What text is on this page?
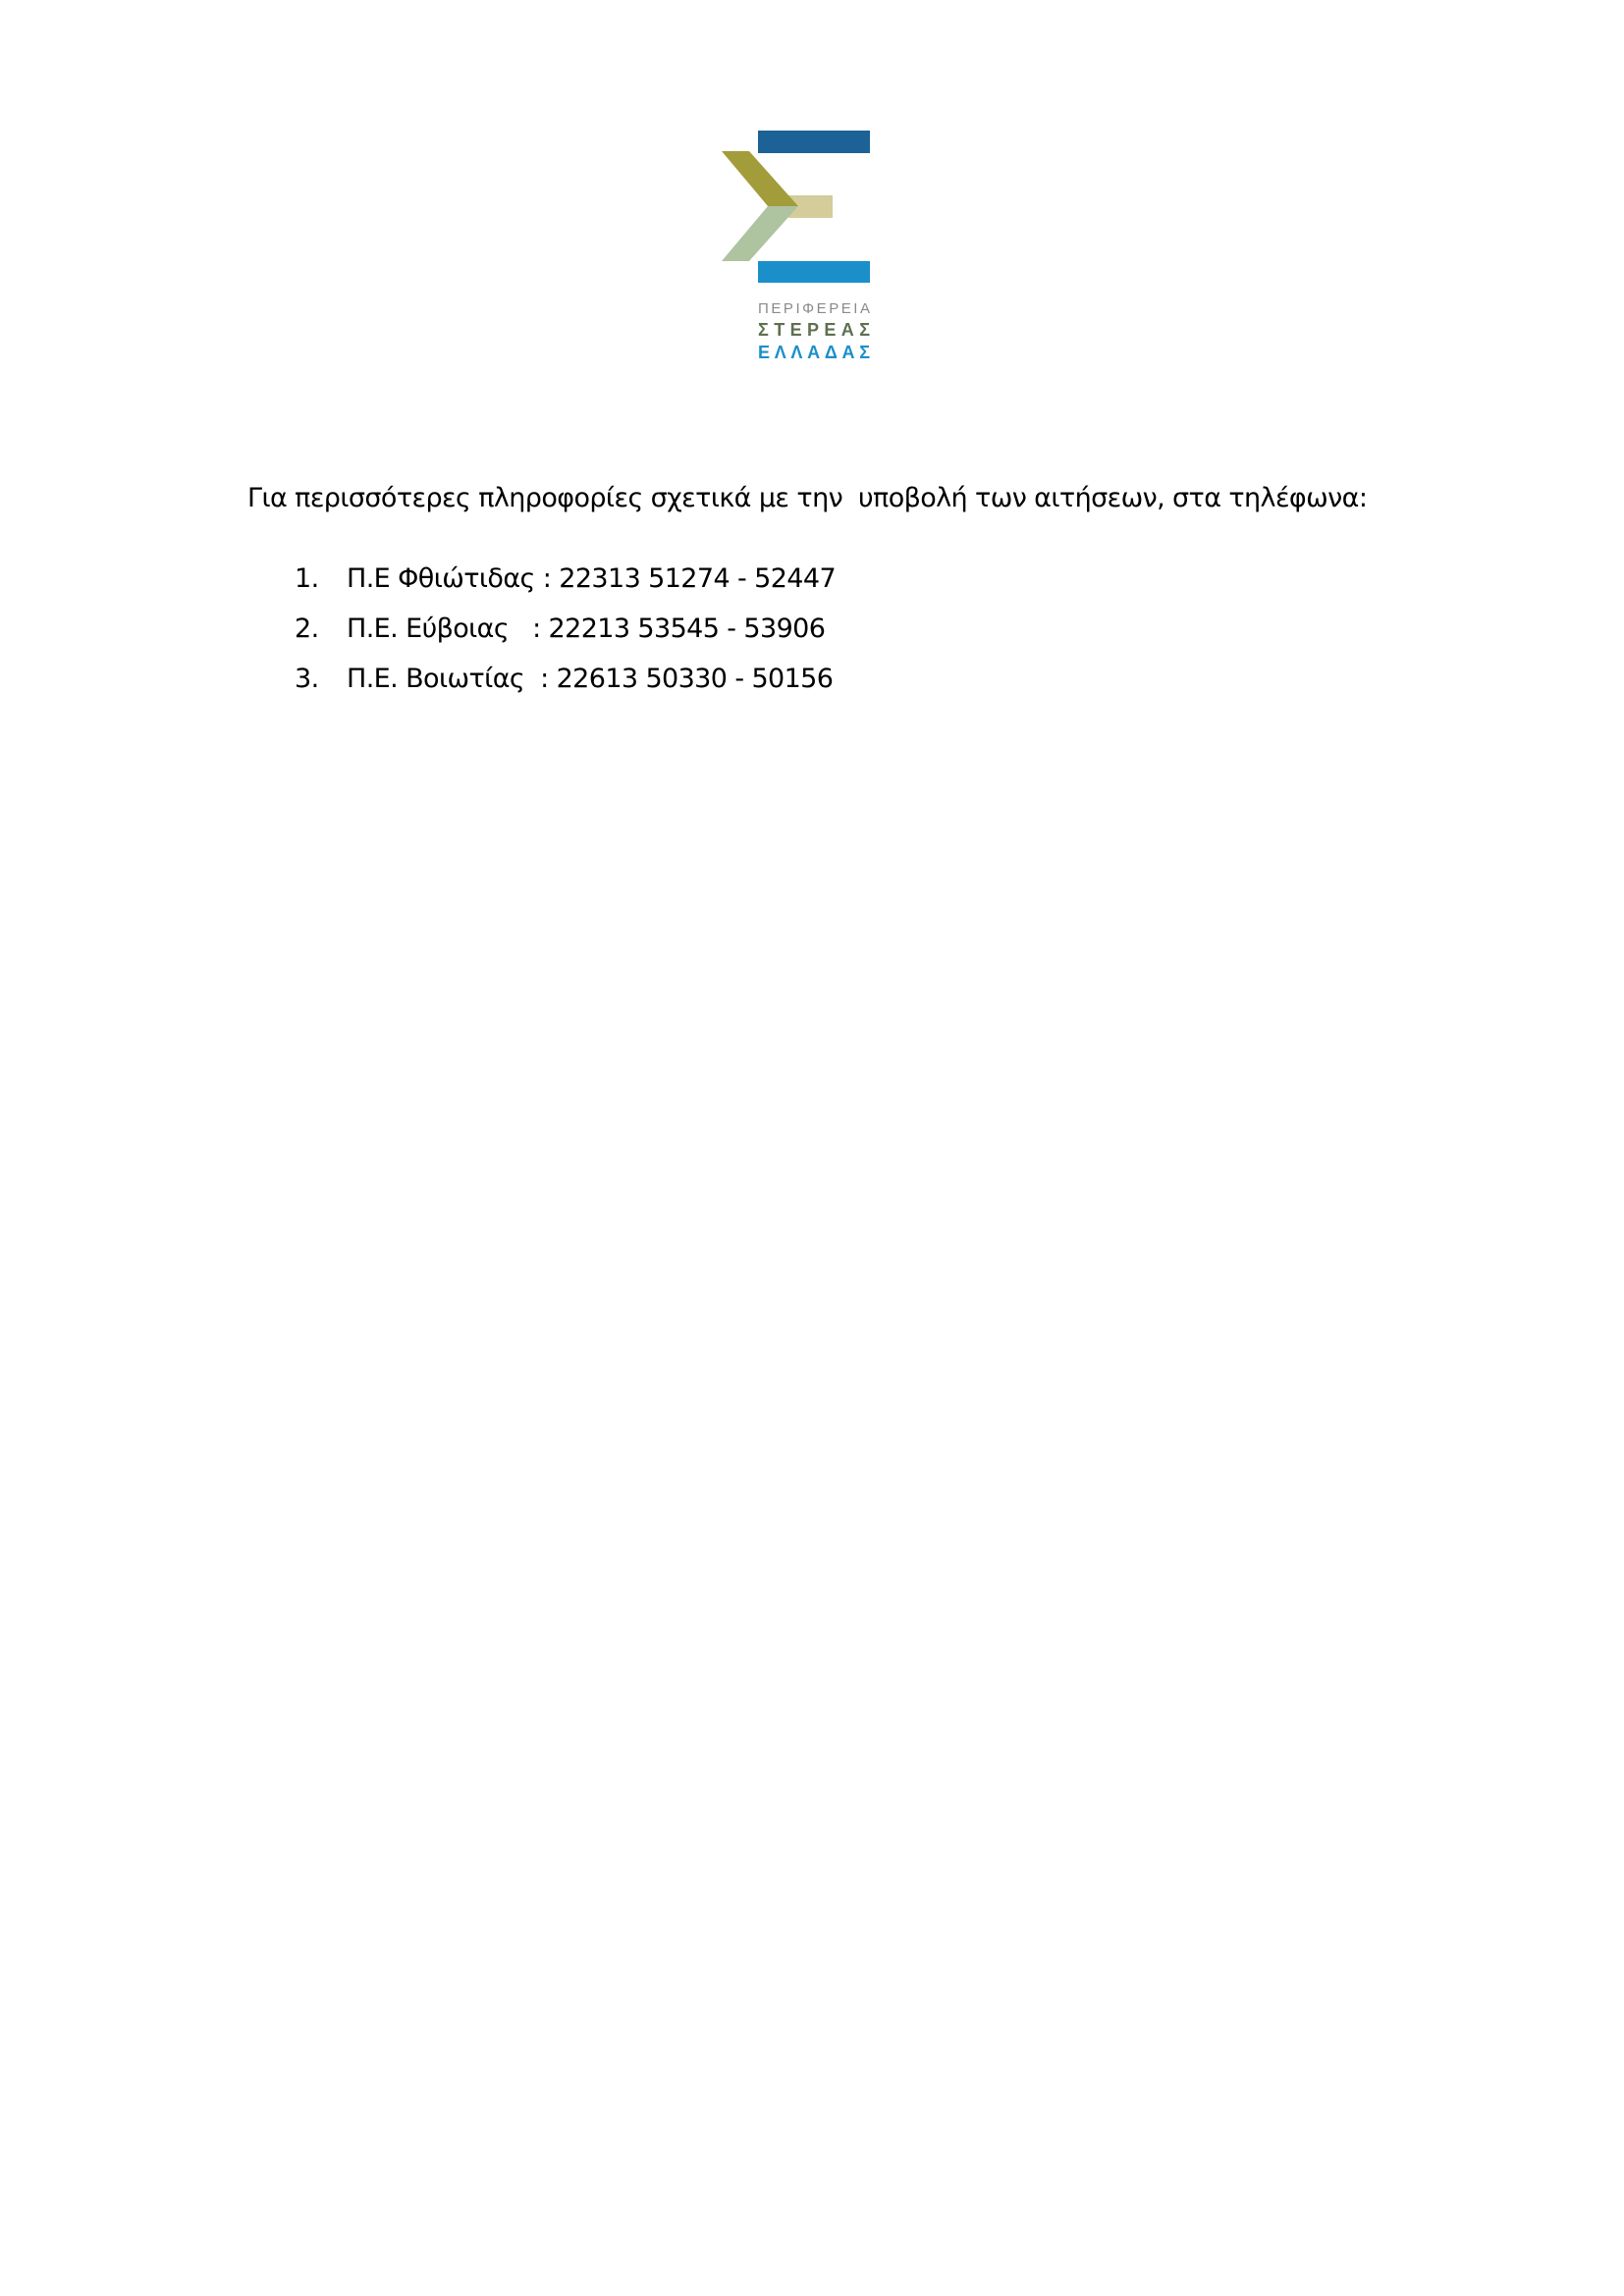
ΠΕΡΙΦΕΡΕΙΑ
ΣΤΕΡΕΑΣ
ΕΛΛΑΔΑΣ
Για περισσότερες πληροφορίες σχετικά με την  υποβολή των αιτήσεων, στα τηλέφωνα:
1.	Π.Ε Φθιώτιδας : 22313 51274 - 52447
2.	Π.Ε. Εύβοιας   : 22213 53545 - 53906
3.	Π.Ε. Βοιωτίας  : 22613 50330 - 50156
